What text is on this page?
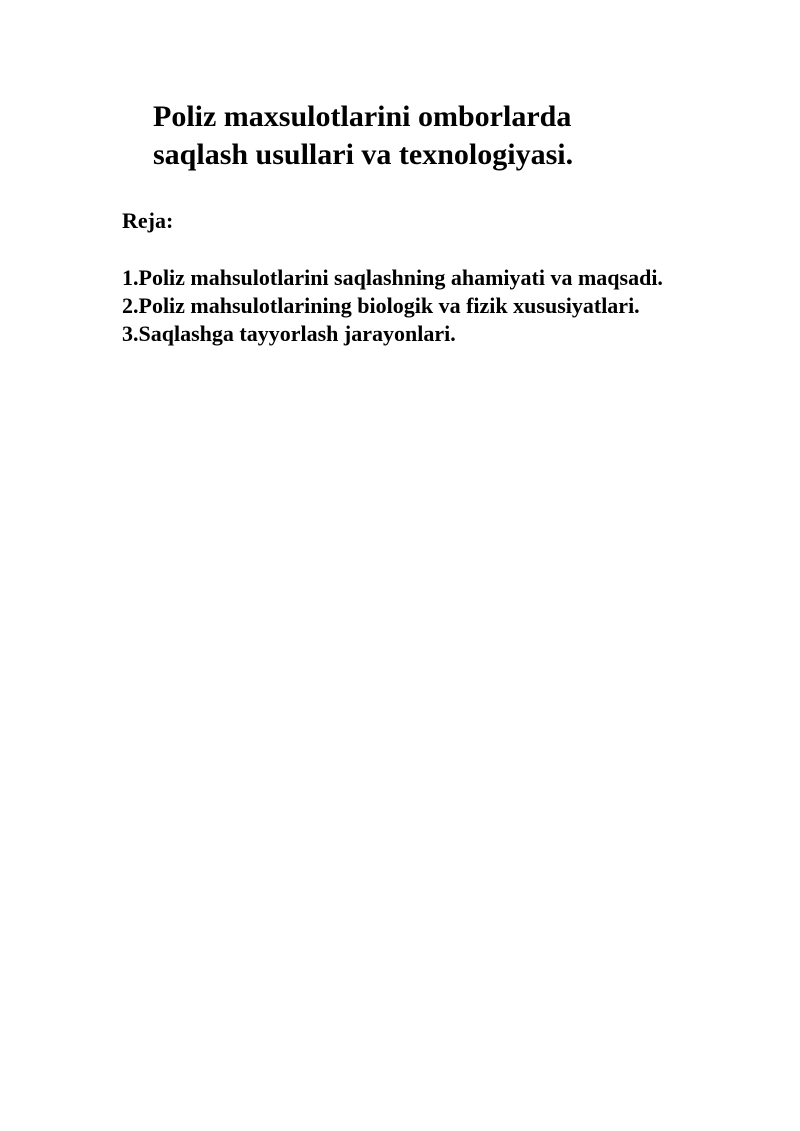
Poliz maxsulotlarini omborlarda
saqlash usullari va texnologiyasi.

Reja:

1.Poliz mahsulotlarini saqlashning ahamiyati va maqsadi.
2.Poliz mahsulotlarining biologik va fizik xususiyatlari.
3.Saqlashga tayyorlash jarayonlari.
